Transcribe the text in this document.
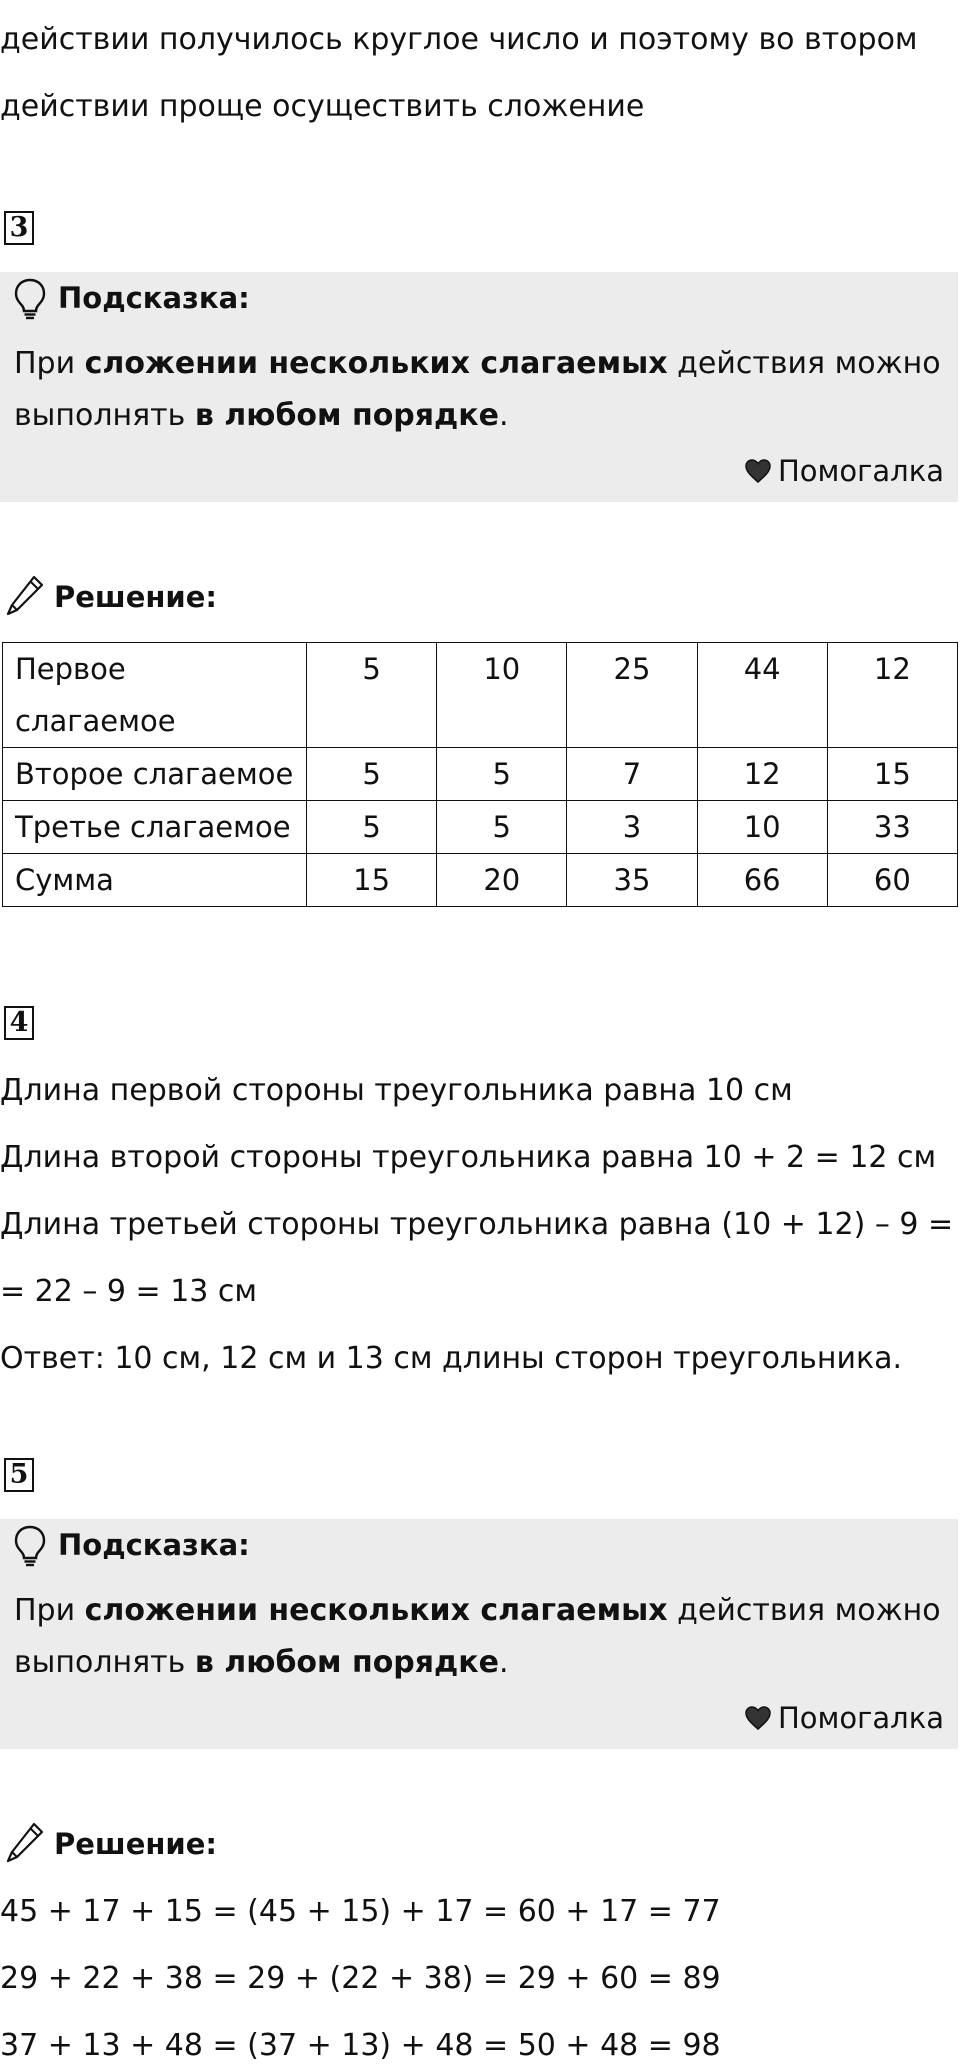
действии получилось круглое число и поэтому во втором
действии проще осуществить сложение
3
Подсказка:
При сложении нескольких слагаемых действия можно выполнять в любом порядке.
Помогалка
Решение:
Первое слагаемое	5	10	25	44	12
Второе слагаемое	5	5	7	12	15
Третье слагаемое	5	5	3	10	33
Сумма	15	20	35	66	60
4
Длина первой стороны треугольника равна 10 см
Длина второй стороны треугольника равна 10 + 2 = 12 см
Длина третьей стороны треугольника равна (10 + 12) – 9 =
= 22 – 9 = 13 см
Ответ: 10 см, 12 см и 13 см длины сторон треугольника.
5
Подсказка:
При сложении нескольких слагаемых действия можно выполнять в любом порядке.
Помогалка
Решение:
45 + 17 + 15 = (45 + 15) + 17 = 60 + 17 = 77
29 + 22 + 38 = 29 + (22 + 38) = 29 + 60 = 89
37 + 13 + 48 = (37 + 13) + 48 = 50 + 48 = 98
